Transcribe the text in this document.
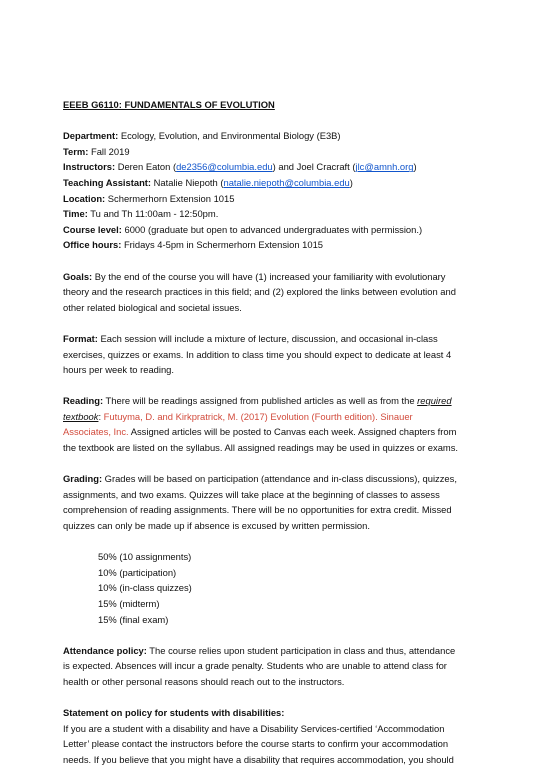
EEEB G6110: FUNDAMENTALS OF EVOLUTION
Department: Ecology, Evolution, and Environmental Biology (E3B)
Term: Fall 2019
Instructors: Deren Eaton (de2356@columbia.edu) and Joel Cracraft (jlc@amnh.org)
Teaching Assistant: Natalie Niepoth (natalie.niepoth@columbia.edu)
Location: Schermerhorn Extension 1015
Time: Tu and Th 11:00am - 12:50pm.
Course level: 6000 (graduate but open to advanced undergraduates with permission.)
Office hours: Fridays 4-5pm in Schermerhorn Extension 1015
Goals: By the end of the course you will have (1) increased your familiarity with evolutionary
theory and the research practices in this field; and (2) explored the links between evolution and
other related biological and societal issues.
Format: Each session will include a mixture of lecture, discussion, and occasional in-class
exercises, quizzes or exams. In addition to class time you should expect to dedicate at least 4
hours per week to reading.
Reading: There will be readings assigned from published articles as well as from the required
textbook: Futuyma, D. and Kirkpratrick, M. (2017) Evolution (Fourth edition). Sinauer
Associates, Inc. Assigned articles will be posted to Canvas each week. Assigned chapters from
the textbook are listed on the syllabus. All assigned readings may be used in quizzes or exams.
Grading: Grades will be based on participation (attendance and in-class discussions), quizzes,
assignments, and two exams. Quizzes will take place at the beginning of classes to assess
comprehension of reading assignments. There will be no opportunities for extra credit. Missed
quizzes can only be made up if absence is excused by written permission.
50% (10 assignments)
10% (participation)
10% (in-class quizzes)
15% (midterm)
15% (final exam)
Attendance policy: The course relies upon student participation in class and thus, attendance
is expected. Absences will incur a grade penalty. Students who are unable to attend class for
health or other personal reasons should reach out to the instructors.
Statement on policy for students with disabilities:
If you are a student with a disability and have a Disability Services-certified ‘Accommodation
Letter’ please contact the instructors before the course starts to confirm your accommodation
needs. If you believe that you might have a disability that requires accommodation, you should
